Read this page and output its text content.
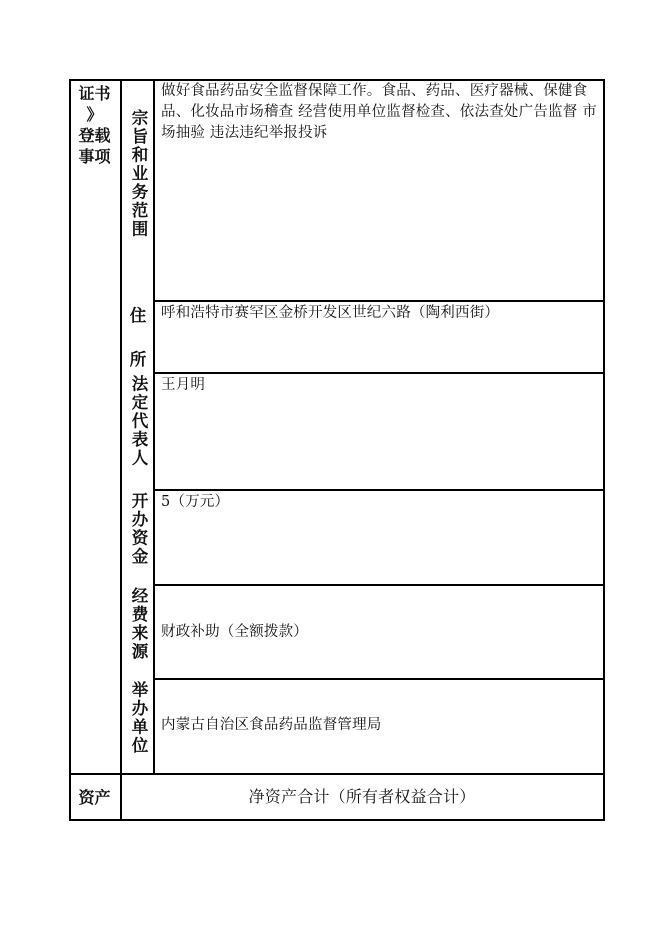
证书
》
登载
事项	宗旨和业务范围
做好食品药品安全监督保障工作。食品、药品、医疗器械、保健食品、化妆品市场稽查 经营使用单位监督检查、依法查处广告监督 市场抽验 违法违纪举报投诉
住
所
呼和浩特市赛罕区金桥开发区世纪六路（陶利西街）
法定代表人 王月明
开办资金 5（万元）
经费来源 财政补助（全额拨款）
举办单位 内蒙古自治区食品药品监督管理局
资产	净资产合计（所有者权益合计）
